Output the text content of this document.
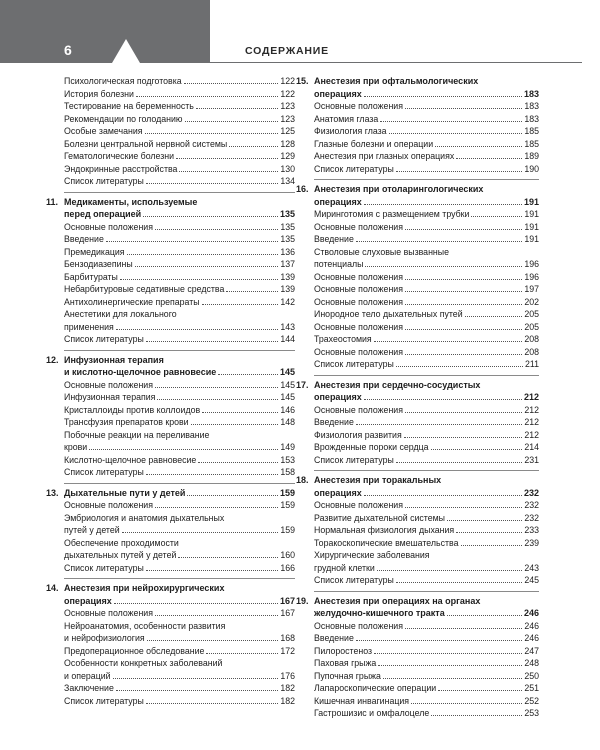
6	СОДЕРЖАНИЕ
Психологическая подготовка	122
История болезни	122
Тестирование на беременность	123
Рекомендации по голоданию	123
Особые замечания	125
Болезни центральной нервной системы	128
Гематологические болезни	129
Эндокринные расстройства	130
Список литературы	134
11. Медикаменты, используемые
перед операцией	135
Основные положения	135
Введение	135
Премедикация	136
Бензодиазепины	137
Барбитураты	139
Небарбитуровые седативные средства	139
Антихолинергические препараты	142
Анестетики для локального
применения	143
Список литературы	144
12. Инфузионная терапия
и кислотно-щелочное равновесие	145
Основные положения	145
Инфузионная терапия	145
Кристаллоиды против коллоидов	146
Трансфузия препаратов крови	148
Побочные реакции на переливание
крови	149
Кислотно-щелочное равновесие	153
Список литературы	158
13. Дыхательные пути у детей	159
Основные положения	159
Эмбриология и анатомия дыхательных
путей у детей	159
Обеспечение проходимости
дыхательных путей у детей	160
Список литературы	166
14. Анестезия при нейрохирургических
операциях	167
Основные положения	167
Нейроанатомия, особенности развития
и нейрофизиология	168
Предоперационное обследование	172
Особенности конкретных заболеваний
и операций	176
Заключение	182
Список литературы	182
15. Анестезия при офтальмологических
операциях	183
Основные положения	183
Анатомия глаза	183
Физиология глаза	185
Глазные болезни и операции	185
Анестезия при глазных операциях	189
Список литературы	190
16. Анестезия при отоларингологических
операциях	191
Миринготомия с размещением трубки	191
Основные положения	191
Введение	191
Стволовые слуховые вызванные
потенциалы	196
Основные положения	196
Основные положения	197
Основные положения	202
Инородное тело дыхательных путей	205
Основные положения	205
Трахеостомия	208
Основные положения	208
Список литературы	211
17. Анестезия при сердечно-сосудистых
операциях	212
Основные положения	212
Введение	212
Физиология развития	212
Врожденные пороки сердца	214
Список литературы	231
18. Анестезия при торакальных
операциях	232
Основные положения	232
Развитие дыхательной системы	232
Нормальная физиология дыхания	233
Торакоскопические вмешательства	239
Хирургические заболевания
грудной клетки	243
Список литературы	245
19. Анестезия при операциях на органах
желудочно-кишечного тракта	246
Основные положения	246
Введение	246
Пилоростеноз	247
Паховая грыжа	248
Пупочная грыжа	250
Лапароскопические операции	251
Кишечная инвагинация	252
Гастрошизис и омфалоцеле	253
